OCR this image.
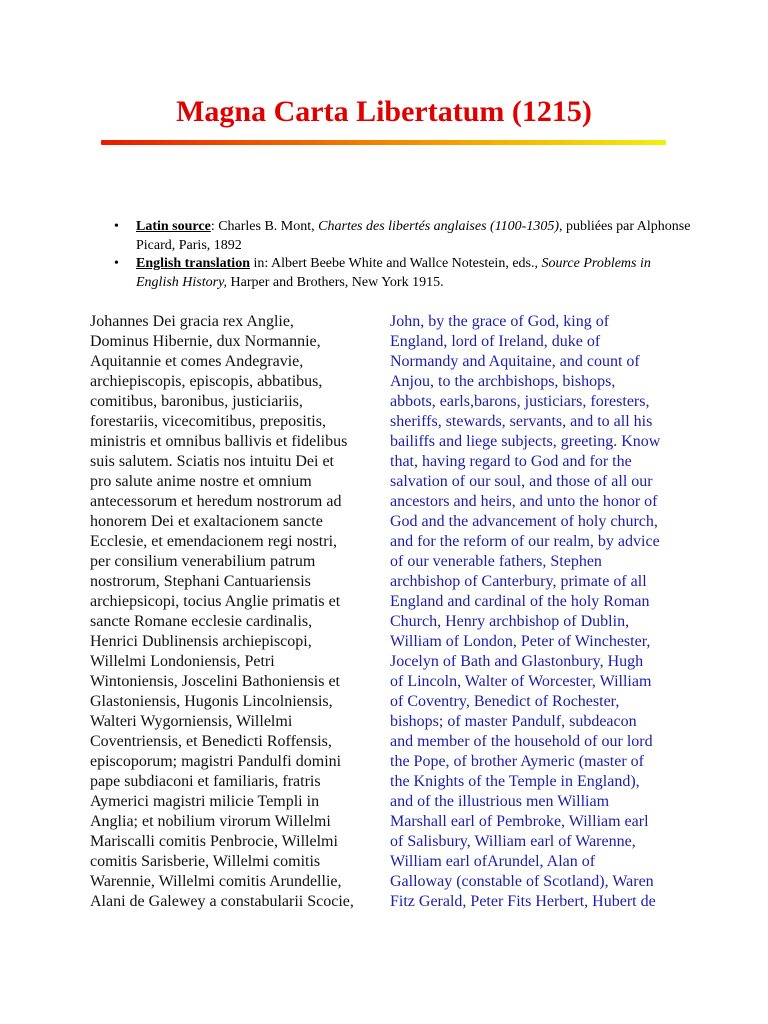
Magna Carta Libertatum (1215)
• Latin source: Charles B. Mont, Chartes des libertés anglaises (1100-1305), publiées par Alphonse Picard, Paris, 1892
• English translation in: Albert Beebe White and Wallce Notestein, eds., Source Problems in English History, Harper and Brothers, New York 1915.
Johannes Dei gracia rex Anglie,
Dominus Hibernie, dux Normannie,
Aquitannie et comes Andegravie,
archiepiscopis, episcopis, abbatibus,
comitibus, baronibus, justiciariis,
forestariis, vicecomitibus, prepositis,
ministris et omnibus ballivis et fidelibus
suis salutem. Sciatis nos intuitu Dei et
pro salute anime nostre et omnium
antecessorum et heredum nostrorum ad
honorem Dei et exaltacionem sancte
Ecclesie, et emendacionem regi nostri,
per consilium venerabilium patrum
nostrorum, Stephani Cantuariensis
archiepsicopi, tocius Anglie primatis et
sancte Romane ecclesie cardinalis,
Henrici Dublinensis archiepiscopi,
Willelmi Londoniensis, Petri
Wintoniensis, Joscelini Bathoniensis et
Glastoniensis, Hugonis Lincolniensis,
Walteri Wygorniensis, Willelmi
Coventriensis, et Benedicti Roffensis,
episcoporum; magistri Pandulfi domini
pape subdiaconi et familiaris, fratris
Aymerici magistri milicie Templi in
Anglia; et nobilium virorum Willelmi
Mariscalli comitis Penbrocie, Willelmi
comitis Sarisberie, Willelmi comitis
Warennie, Willelmi comitis Arundellie,
Alani de Galewey a constabularii Scocie,
John, by the grace of God, king of
England, lord of Ireland, duke of
Normandy and Aquitaine, and count of
Anjou, to the archbishops, bishops,
abbots, earls,barons, justiciars, foresters,
sheriffs, stewards, servants, and to all his
bailiffs and liege subjects, greeting. Know
that, having regard to God and for the
salvation of our soul, and those of all our
ancestors and heirs, and unto the honor of
God and the advancement of holy church,
and for the reform of our realm, by advice
of our venerable fathers, Stephen
archbishop of Canterbury, primate of all
England and cardinal of the holy Roman
Church, Henry archbishop of Dublin,
William of London, Peter of Winchester,
Jocelyn of Bath and Glastonbury, Hugh
of Lincoln, Walter of Worcester, William
of Coventry, Benedict of Rochester,
bishops; of master Pandulf, subdeacon
and member of the household of our lord
the Pope, of brother Aymeric (master of
the Knights of the Temple in England),
and of the illustrious men William
Marshall earl of Pembroke, William earl
of Salisbury, William earl of Warenne,
William earl ofArundel, Alan of
Galloway (constable of Scotland), Waren
Fitz Gerald, Peter Fits Herbert, Hubert de
